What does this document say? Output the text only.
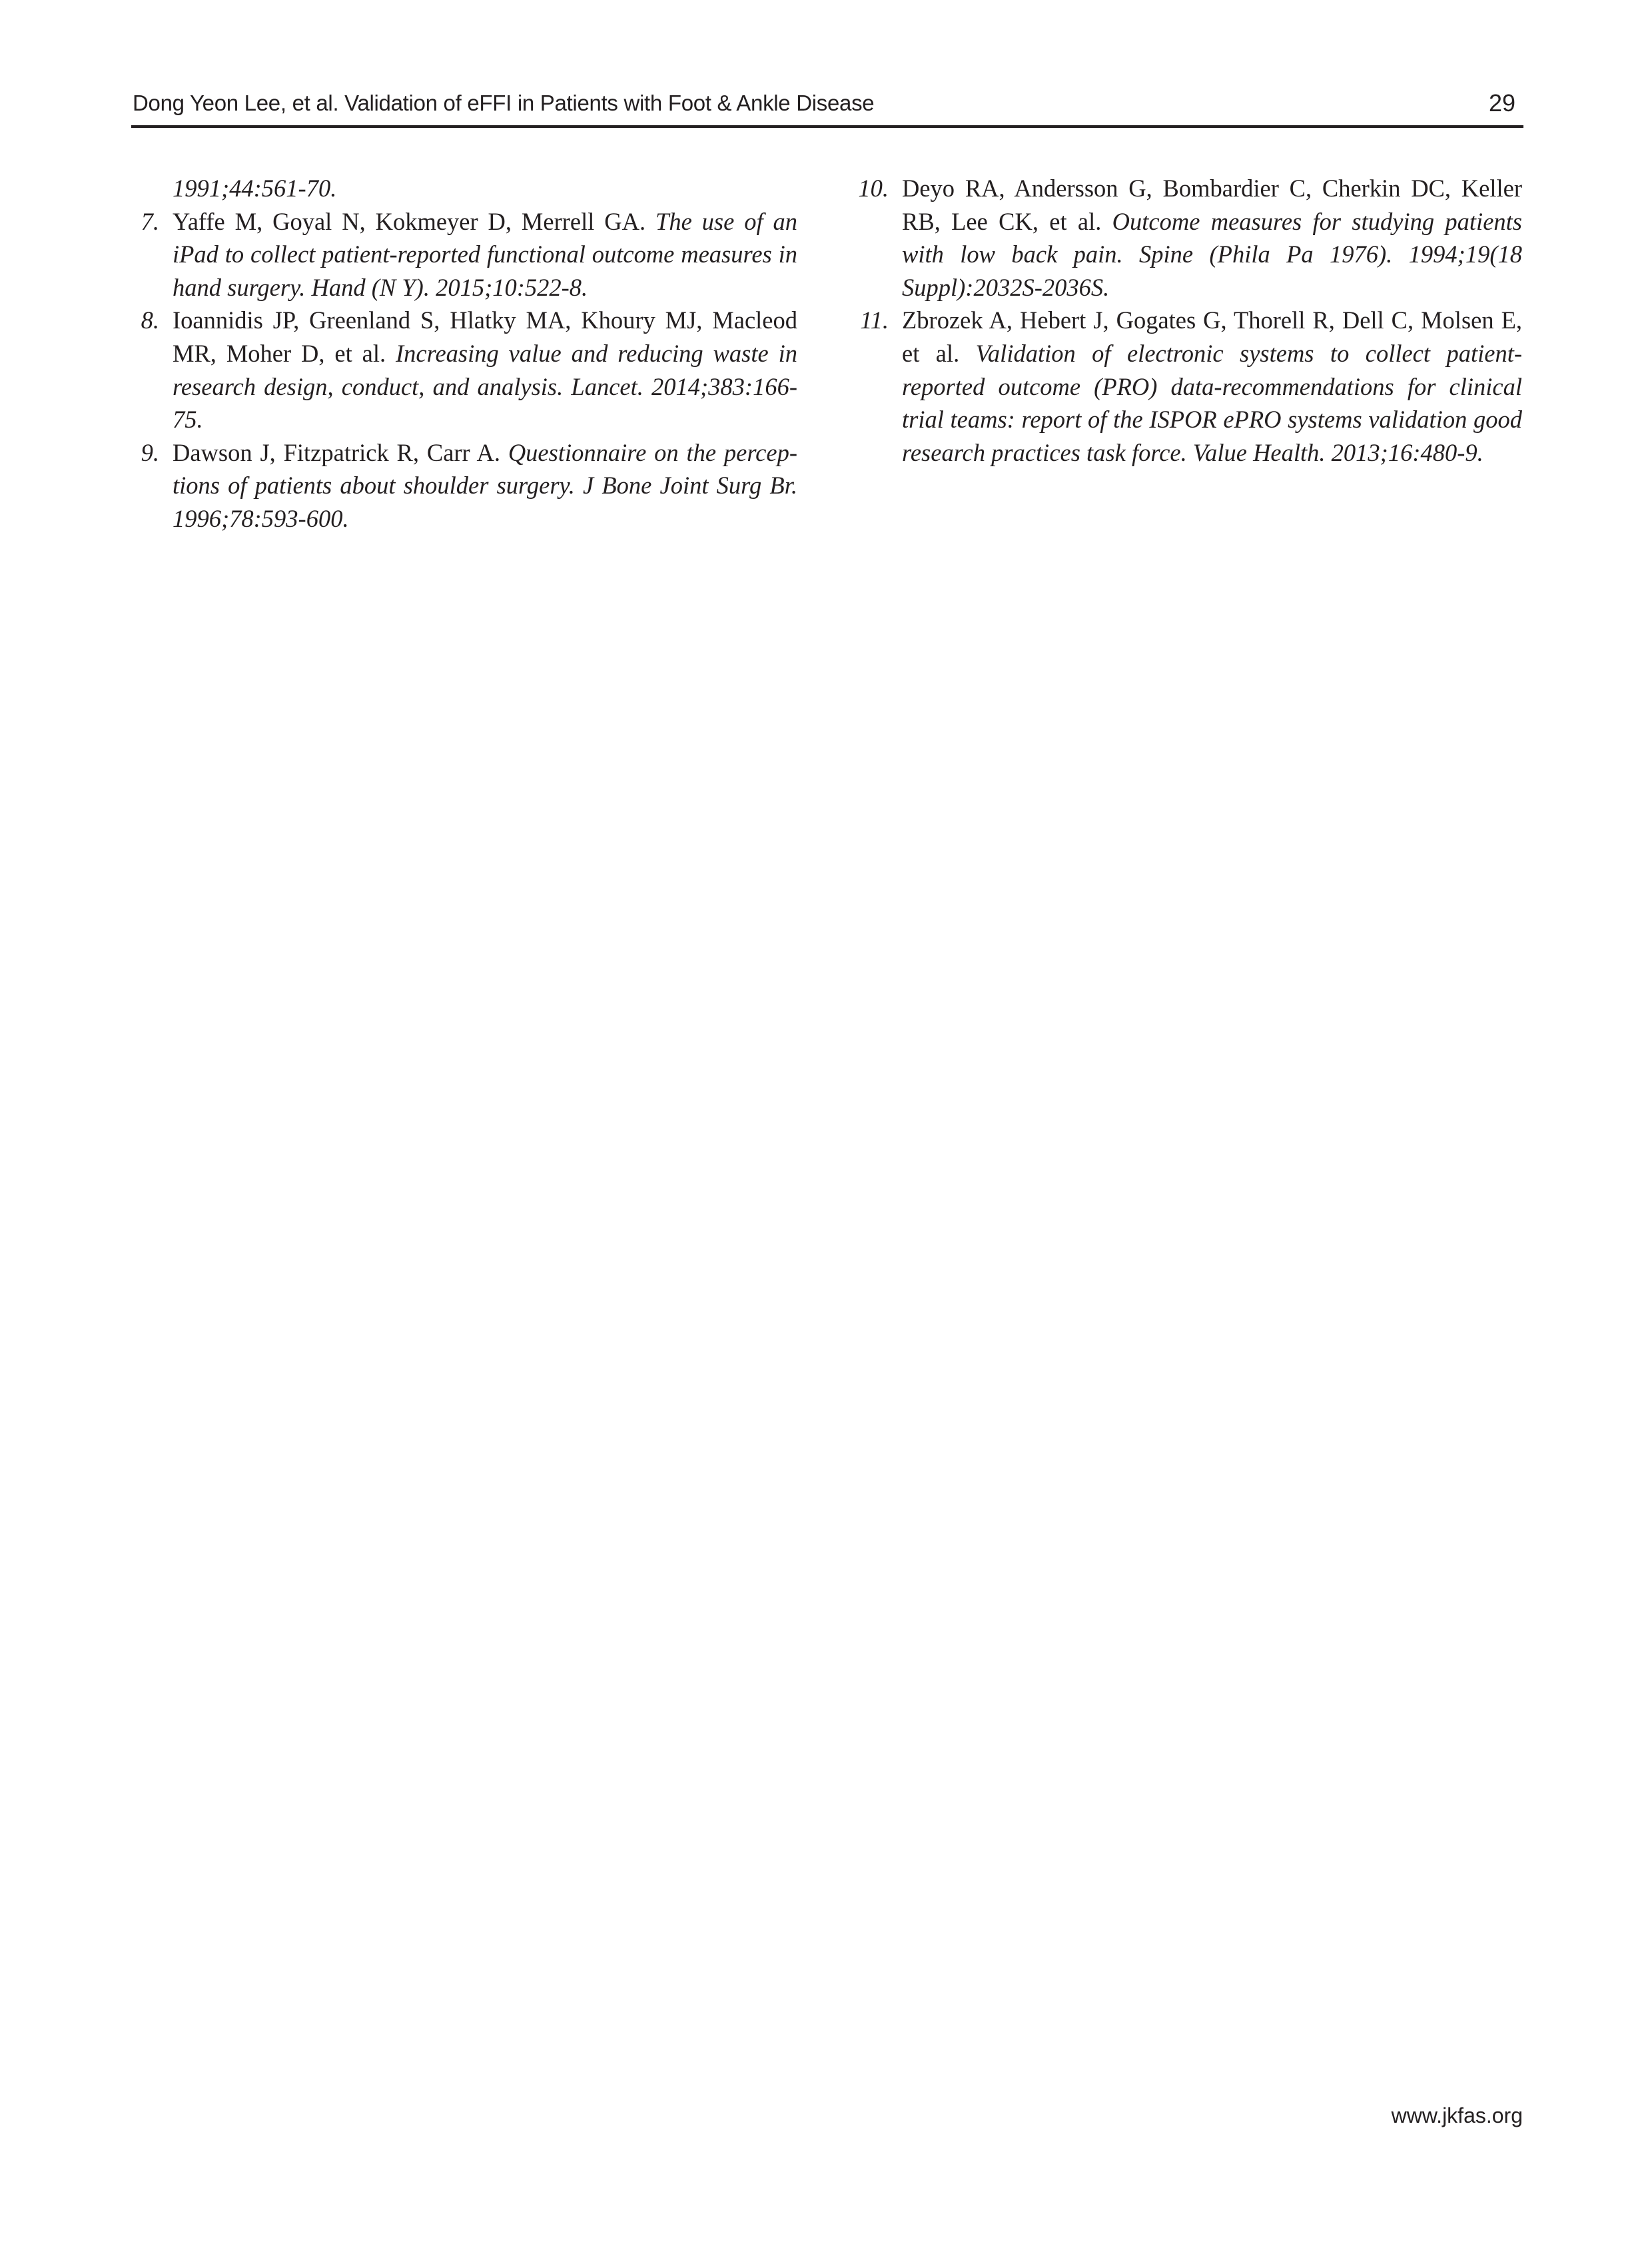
Dong Yeon Lee, et al. Validation of eFFI in Patients with Foot & Ankle Disease	29
1991;44:561-70.
7. Yaffe M, Goyal N, Kokmeyer D, Merrell GA. The use of an iPad to collect patient-reported functional outcome measures in hand surgery. Hand (N Y). 2015;10:522-8.
8. Ioannidis JP, Greenland S, Hlatky MA, Khoury MJ, Macleod MR, Moher D, et al. Increasing value and reducing waste in research design, conduct, and analysis. Lancet. 2014;383:166-75.
9. Dawson J, Fitzpatrick R, Carr A. Questionnaire on the perceptions of patients about shoulder surgery. J Bone Joint Surg Br. 1996;78:593-600.
10. Deyo RA, Andersson G, Bombardier C, Cherkin DC, Keller RB, Lee CK, et al. Outcome measures for studying patients with low back pain. Spine (Phila Pa 1976). 1994;19(18 Suppl):2032S-2036S.
11. Zbrozek A, Hebert J, Gogates G, Thorell R, Dell C, Molsen E, et al. Validation of electronic systems to collect patient-reported outcome (PRO) data-recommendations for clinical trial teams: report of the ISPOR ePRO systems validation good research practices task force. Value Health. 2013;16:480-9.
www.jkfas.org
